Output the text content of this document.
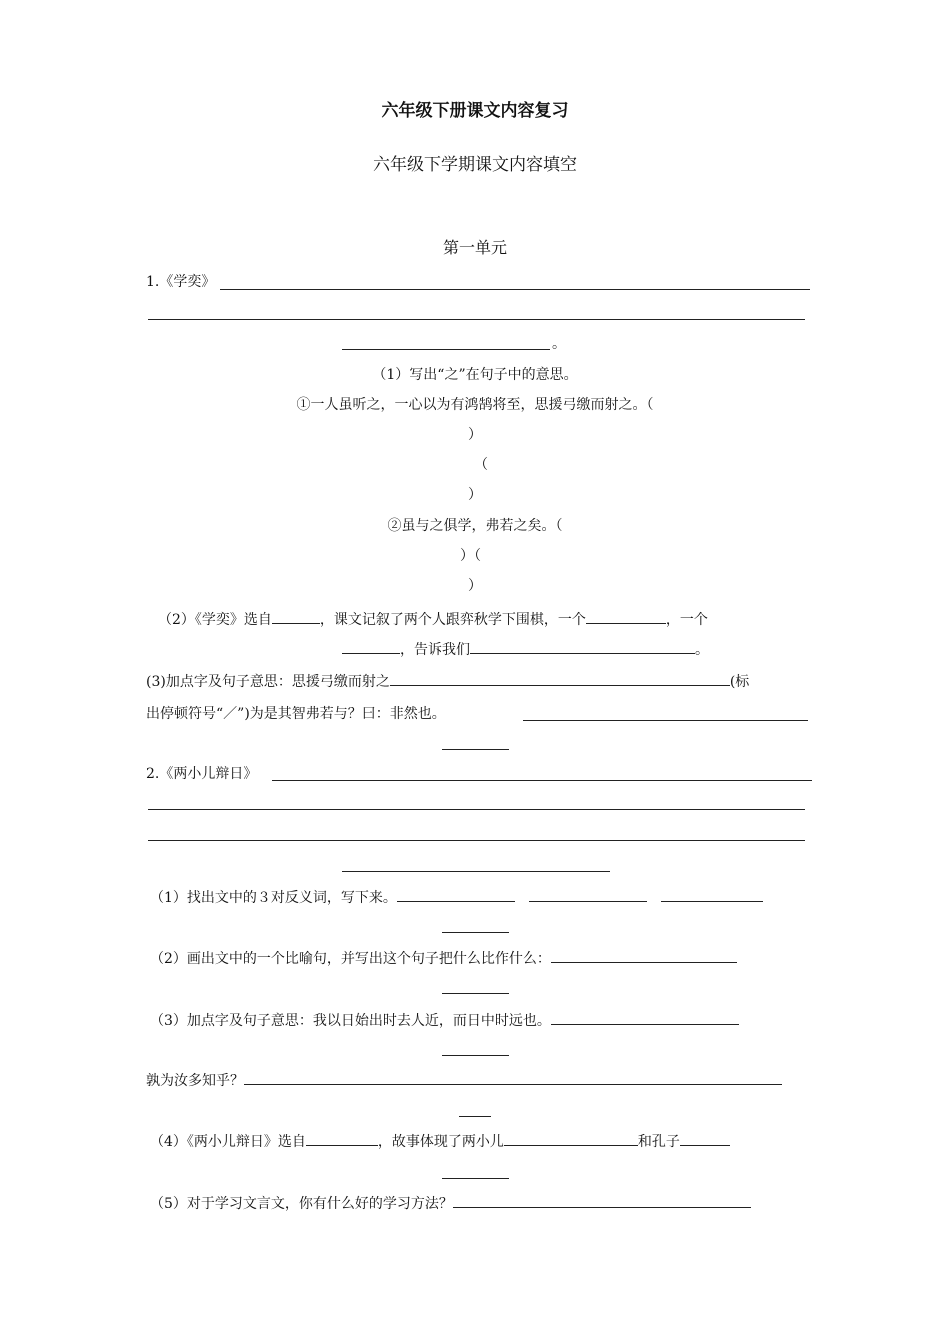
六年级下册课文内容复习
六年级下学期课文内容填空
第一单元
1.《学奕》
。
（1）写出“之”在句子中的意思。
①一人虽听之，一心以为有鸿鹄将至，思援弓缴而射之。（
）
（
）
②虽与之俱学，弗若之矣。（
）（
）
（2）《学奕》选自	，课文记叙了两个人跟弈秋学下围棋，一个	，一个
，告诉我们	。
(3)加点字及句子意思：思援弓缴而射之	(标
出停顿符号“／”)为是其智弗若与？曰：非然也。
2.《两小儿辩日》
（1）找出文中的３对反义词，写下来。
（2）画出文中的一个比喻句，并写出这个句子把什么比作什么：
（3）加点字及句子意思：我以日始出时去人近，而日中时远也。
孰为汝多知乎？
（4）《两小儿辩日》选自	，故事体现了两小儿	和孔子
（5）对于学习文言文，你有什么好的学习方法？
